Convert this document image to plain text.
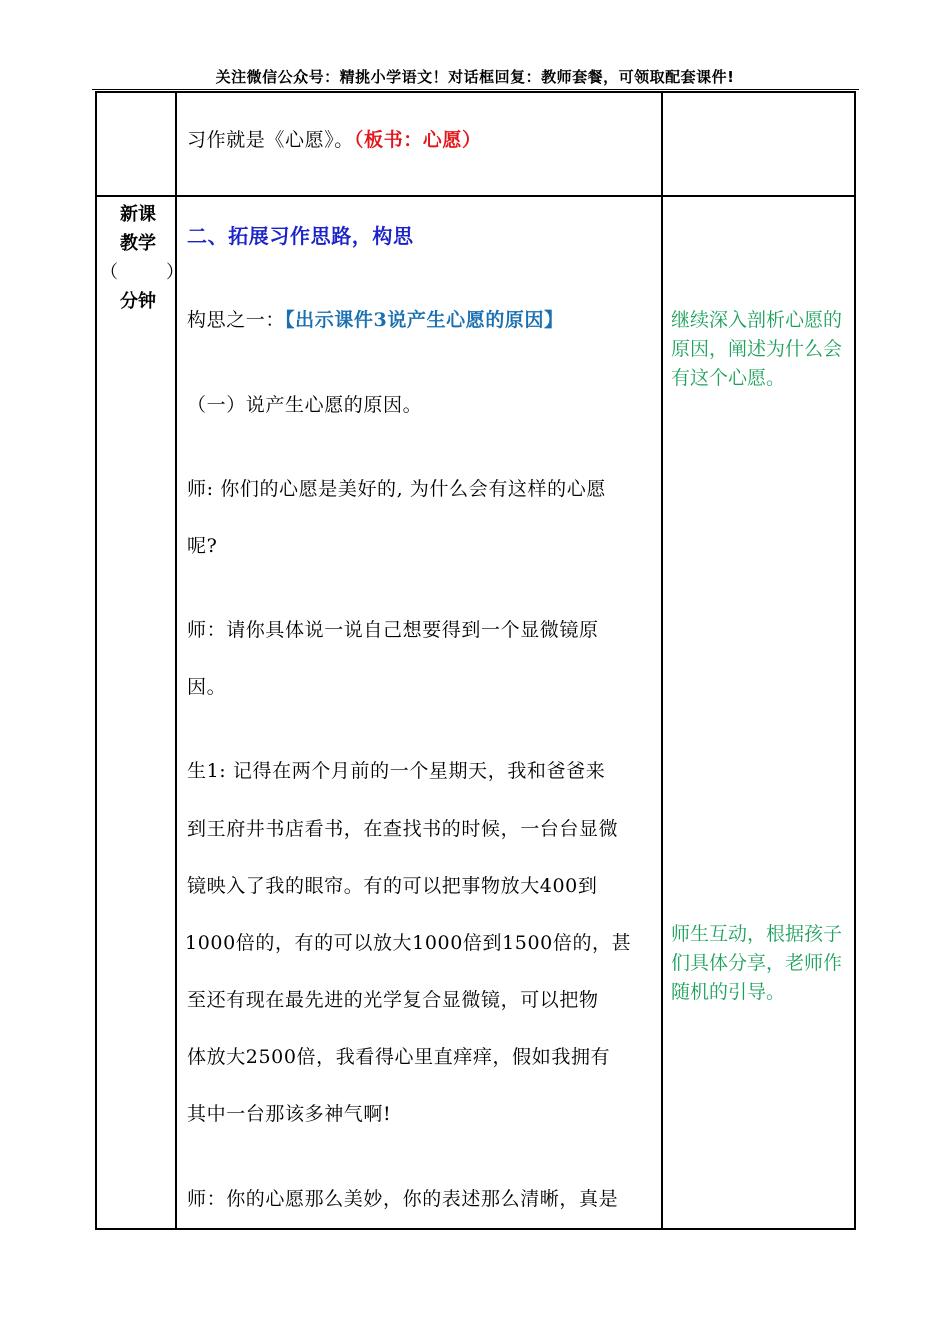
关注微信公众号：精挑小学语文！对话框回复：教师套餐，可领取配套课件!
习作就是《心愿》。（板书：心愿）
新课
教学
（　　）
分钟
二、拓展习作思路，构思
构思之一：【出示课件3说产生心愿的原因】
（一）说产生心愿的原因。
师: 你们的心愿是美好的, 为什么会有这样的心愿
呢?
师：请你具体说一说自己想要得到一个显微镜原
因。
生1: 记得在两个月前的一个星期天，我和爸爸来
到王府井书店看书，在查找书的时候，一台台显微
镜映入了我的眼帘。有的可以把事物放大400到
1000倍的，有的可以放大1000倍到1500倍的，甚
至还有现在最先进的光学复合显微镜，可以把物
体放大2500倍，我看得心里直痒痒，假如我拥有
其中一台那该多神气啊!
师：你的心愿那么美妙，你的表述那么清晰，真是
继续深入剖析心愿的原因，阐述为什么会有这个心愿。
师生互动，根据孩子们具体分享，老师作随机的引导。
